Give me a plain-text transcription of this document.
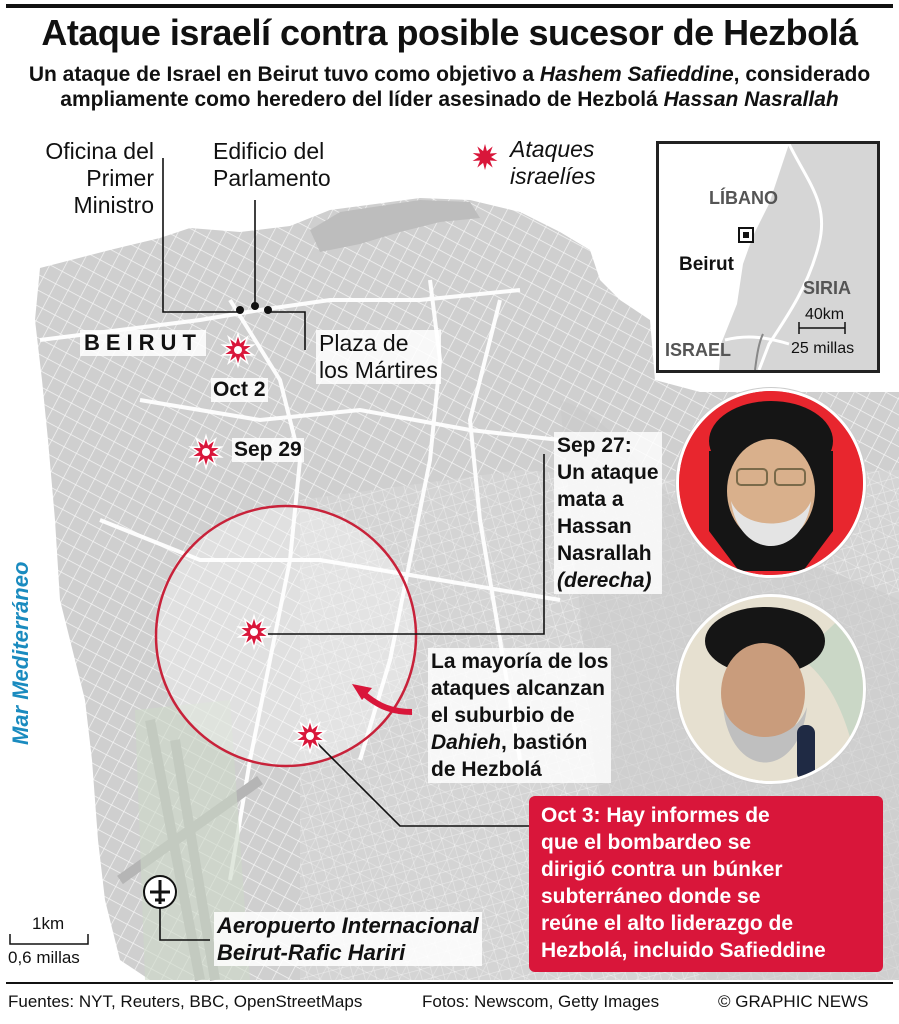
Ataque israelí contra posible sucesor de Hezbolá
Un ataque de Israel en Beirut tuvo como objetivo a Hashem Safieddine, considerado
ampliamente como heredero del líder asesinado de Hezbolá Hassan Nasrallah
Oficina del
Primer
Ministro
Edificio del
Parlamento
Ataques
israelíes
BEIRUT	Plaza de
los Mártires
Oct 2
Sep 29
Mar Mediterráneo
Sep 27:
Un ataque
mata a
Hassan
Nasrallah
(derecha)
La mayoría de los
ataques alcanzan
el suburbio de
Dahieh, bastión
de Hezbolá
Oct 3: Hay informes de
que el bombardeo se
dirigió contra un búnker
subterráneo donde se
reúne el alto liderazgo de
Hezbolá, incluido Safieddine
Aeropuerto Internacional
Beirut-Rafic Hariri
1km
0,6 millas
LÍBANO
Beirut
SIRIA
ISRAEL
40km
25 millas
Fuentes: NYT, Reuters, BBC, OpenStreetMaps	Fotos: Newscom, Getty Images	© GRAPHIC NEWS
